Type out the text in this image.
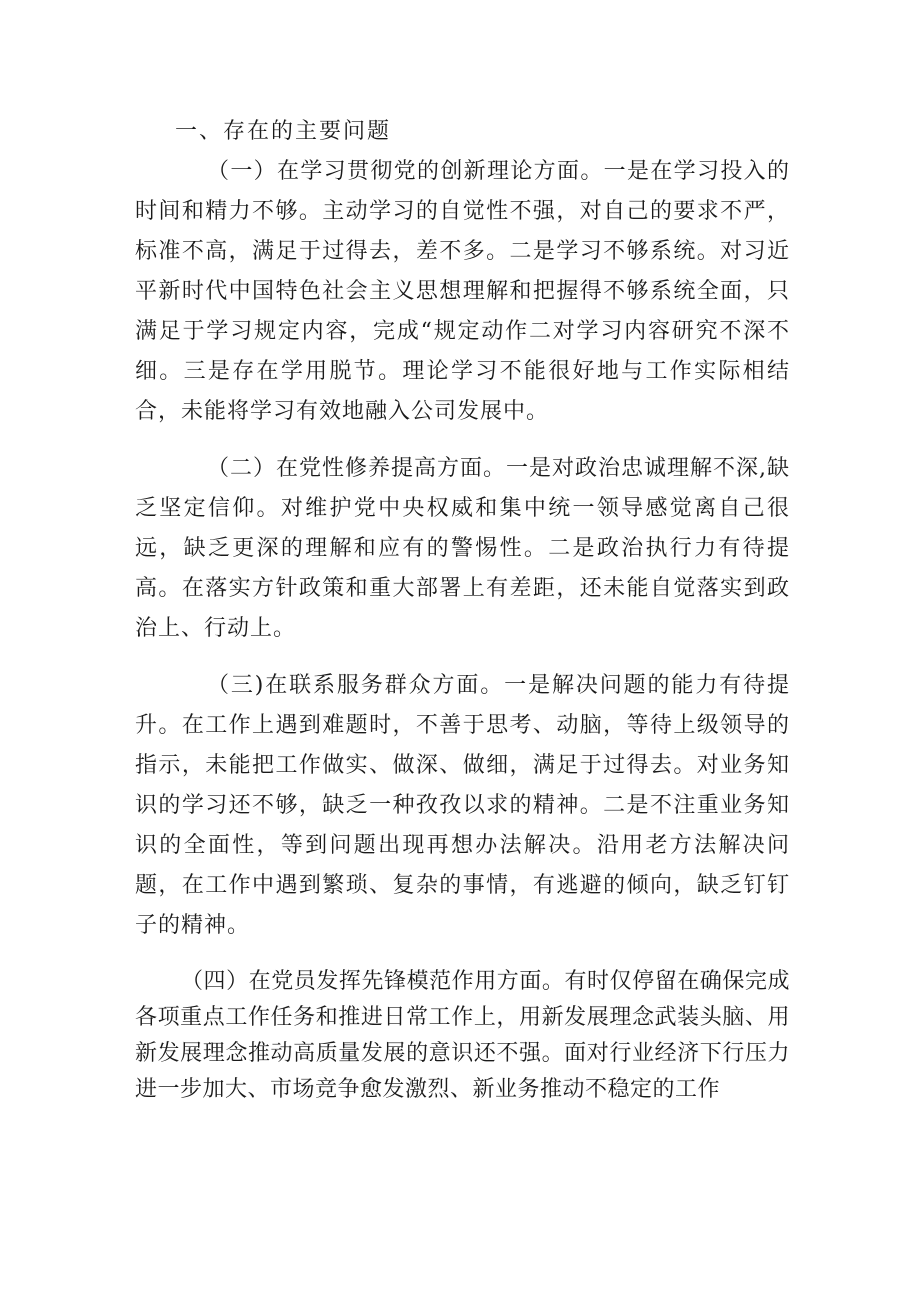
一、存在的主要问题

（一）在学习贯彻党的创新理论方面。一是在学习投入的时间和精力不够。主动学习的自觉性不强，对自己的要求不严，标准不高，满足于过得去，差不多。二是学习不够系统。对习近平新时代中国特色社会主义思想理解和把握得不够系统全面，只满足于学习规定内容，完成“规定动作二对学习内容研究不深不细。三是存在学用脱节。理论学习不能很好地与工作实际相结合，未能将学习有效地融入公司发展中。

（二）在党性修养提高方面。一是对政治忠诚理解不深,缺乏坚定信仰。对维护党中央权威和集中统一领导感觉离自己很远，缺乏更深的理解和应有的警惕性。二是政治执行力有待提高。在落实方针政策和重大部署上有差距，还未能自觉落实到政治上、行动上。

（三)在联系服务群众方面。一是解决问题的能力有待提升。在工作上遇到难题时，不善于思考、动脑，等待上级领导的指示，未能把工作做实、做深、做细，满足于过得去。对业务知识的学习还不够，缺乏一种孜孜以求的精神。二是不注重业务知识的全面性，等到问题出现再想办法解决。沿用老方法解决问题，在工作中遇到繁琐、复杂的事情，有逃避的倾向，缺乏钉钉子的精神。

（四）在党员发挥先锋模范作用方面。有时仅停留在确保完成各项重点工作任务和推进日常工作上，用新发展理念武装头脑、用新发展理念推动高质量发展的意识还不强。面对行业经济下行压力进一步加大、市场竞争愈发激烈、新业务推动不稳定的工作
